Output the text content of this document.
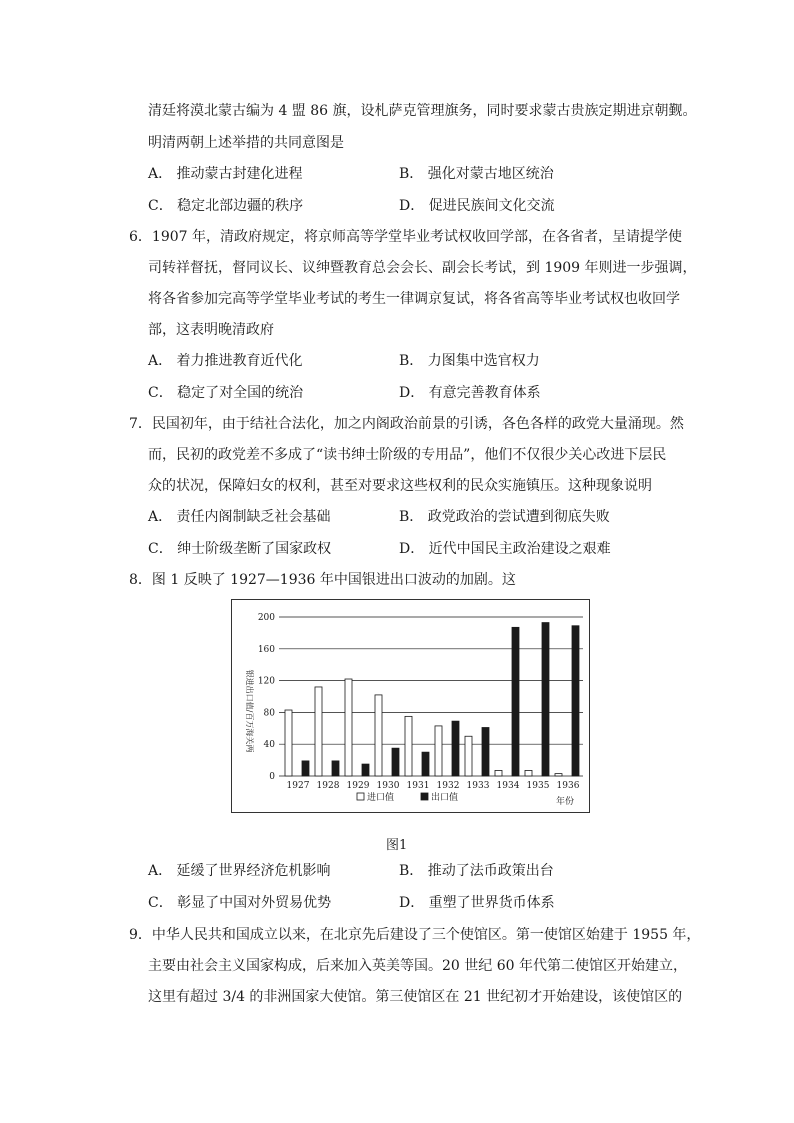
清廷将漠北蒙古编为 4 盟 86 旗，设札萨克管理旗务，同时要求蒙古贵族定期进京朝觐。
明清两朝上述举措的共同意图是
A． 推动蒙古封建化进程	B． 强化对蒙古地区统治
C． 稳定北部边疆的秩序	D． 促进民族间文化交流
6．1907 年，清政府规定，将京师高等学堂毕业考试权收回学部，在各省者，呈请提学使
司转祥督抚，督同议长、议绅暨教育总会会长、副会长考试，到 1909 年则进一步强调，
将各省参加完高等学堂毕业考试的考生一律调京复试，将各省高等毕业考试权也收回学
部，这表明晚清政府
A． 着力推进教育近代化	B． 力图集中选官权力
C． 稳定了对全国的统治	D． 有意完善教育体系
7．民国初年，由于结社合法化，加之内阁政治前景的引诱，各色各样的政党大量涌现。然
而，民初的政党差不多成了“读书绅士阶级的专用品”，他们不仅很少关心改进下层民
众的状况，保障妇女的权利，甚至对要求这些权利的民众实施镇压。这种现象说明
A． 责任内阁制缺乏社会基础	B． 政党政治的尝试遭到彻底失败
C． 绅士阶级垄断了国家政权	D． 近代中国民主政治建设之艰难
8．图 1 反映了 1927—1936 年中国银进出口波动的加剧。这
0
40
80
120
160
200
1927 1928 1929 1930 1931 1932 1933 1934 1935 1936
银进出口值/百万海关两
年份
进口值	出口值
图1
A． 延缓了世界经济危机影响	B． 推动了法币政策出台
C． 彰显了中国对外贸易优势	D． 重塑了世界货币体系
9．中华人民共和国成立以来，在北京先后建设了三个使馆区。第一使馆区始建于 1955 年，
主要由社会主义国家构成，后来加入英美等国。20 世纪 60 年代第二使馆区开始建立，
这里有超过 3/4 的非洲国家大使馆。第三使馆区在 21 世纪初才开始建设，该使馆区的
